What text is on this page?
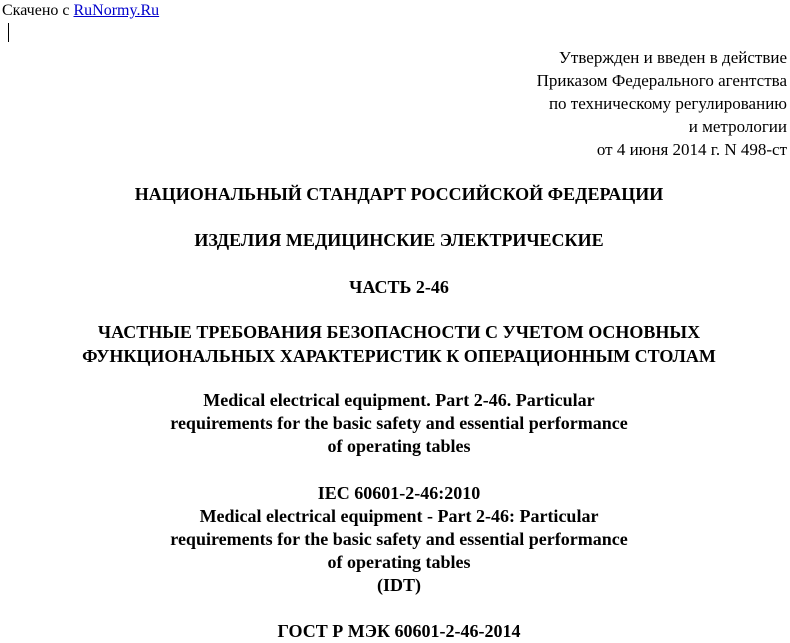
Скачено с RuNormy.Ru
Утвержден и введен в действие
Приказом Федерального агентства
по техническому регулированию
и метрологии
от 4 июня 2014 г. N 498-ст
НАЦИОНАЛЬНЫЙ СТАНДАРТ РОССИЙСКОЙ ФЕДЕРАЦИИ
ИЗДЕЛИЯ МЕДИЦИНСКИЕ ЭЛЕКТРИЧЕСКИЕ
ЧАСТЬ 2-46
ЧАСТНЫЕ ТРЕБОВАНИЯ БЕЗОПАСНОСТИ С УЧЕТОМ ОСНОВНЫХ
ФУНКЦИОНАЛЬНЫХ ХАРАКТЕРИСТИК К ОПЕРАЦИОННЫМ СТОЛАМ
Medical electrical equipment. Part 2-46. Particular
requirements for the basic safety and essential performance
of operating tables
IEC 60601-2-46:2010
Medical electrical equipment - Part 2-46: Particular
requirements for the basic safety and essential performance
of operating tables
(IDT)
ГОСТ Р МЭК 60601-2-46-2014
